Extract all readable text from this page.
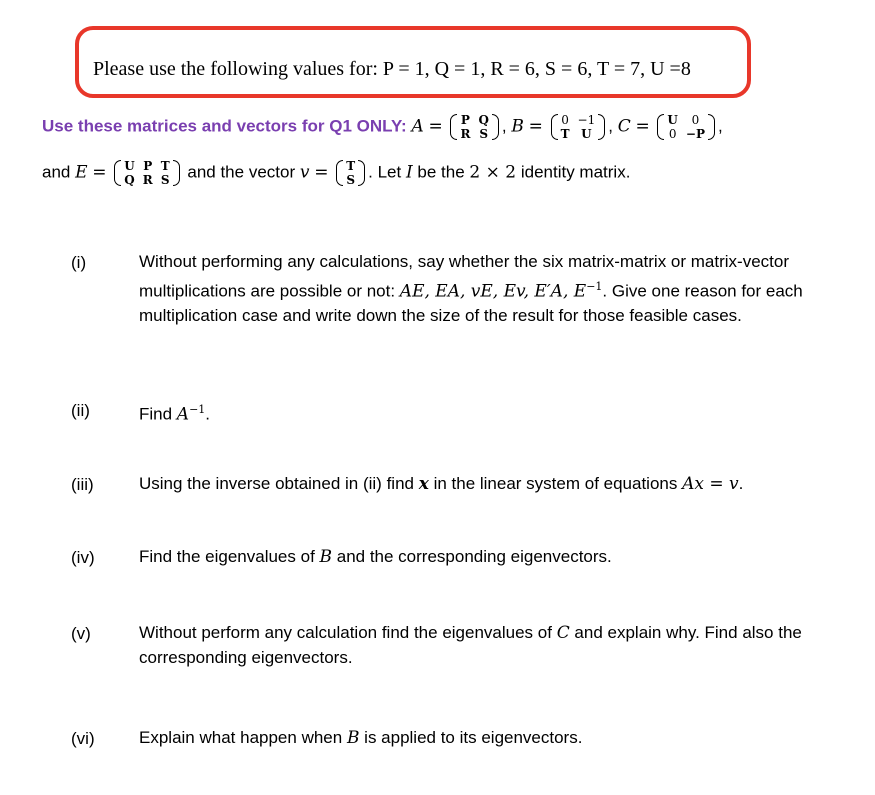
Please use the following values for: P = 1, Q = 1, R = 6, S = 6, T = 7, U =8
Use these matrices and vectors for Q1 ONLY: A = P	Q
R	S , B = 0	−1
T	U , C = U	0
0	−P ,
and E = U	P	T
Q	R	S and the vector v = T
S . Let I be the 2 × 2 identity matrix.
(i)	Without performing any calculations, say whether the six matrix-matrix or matrix-vector multiplications are possible or not: AE, EA, vE, Ev, E′A, $E^{-1}$. Give one reason for each multiplication case and write down the size of the result for those feasible cases.
(ii)	Find $A^{-1}$.
(iii)	Using the inverse obtained in (ii) find x in the linear system of equations Ax = v.
(iv)	Find the eigenvalues of B and the corresponding eigenvectors.
(v)	Without perform any calculation find the eigenvalues of C and explain why. Find also the corresponding eigenvectors.
(vi)	Explain what happen when B is applied to its eigenvectors.
